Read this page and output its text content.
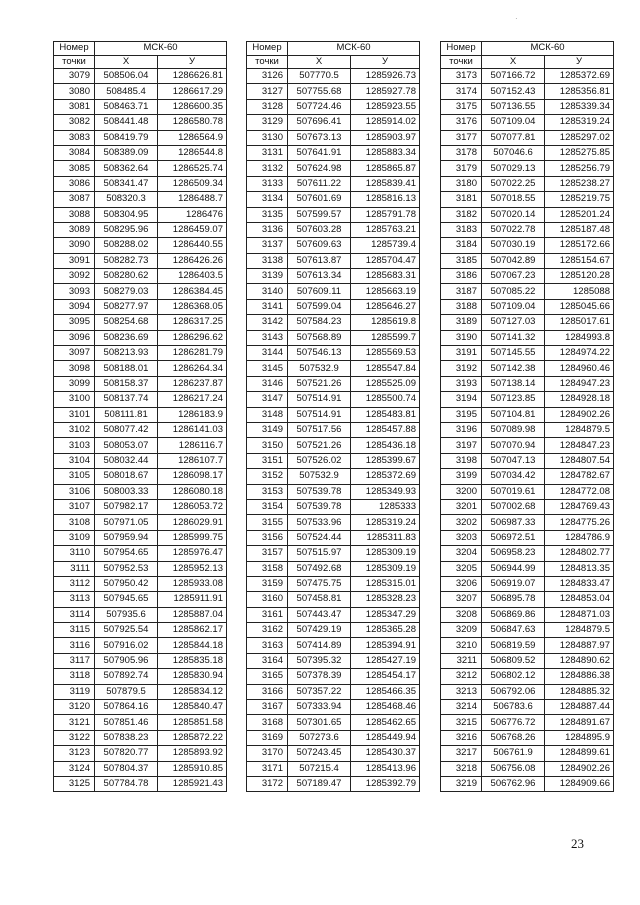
·
Номер	МСК-60	
точки	X	У
3079	508506.04	1286626.81
3080	508485.4	1286617.29
3081	508463.71	1286600.35
3082	508441.48	1286580.78
3083	508419.79	1286564.9
3084	508389.09	1286544.8
3085	508362.64	1286525.74
3086	508341.47	1286509.34
3087	508320.3	1286488.7
3088	508304.95	1286476
3089	508295.96	1286459.07
3090	508288.02	1286440.55
3091	508282.73	1286426.26
3092	508280.62	1286403.5
3093	508279.03	1286384.45
3094	508277.97	1286368.05
3095	508254.68	1286317.25
3096	508236.69	1286296.62
3097	508213.93	1286281.79
3098	508188.01	1286264.34
3099	508158.37	1286237.87
3100	508137.74	1286217.24
3101	508111.81	1286183.9
3102	508077.42	1286141.03
3103	508053.07	1286116.7
3104	508032.44	1286107.7
3105	508018.67	1286098.17
3106	508003.33	1286080.18
3107	507982.17	1286053.72
3108	507971.05	1286029.91
3109	507959.94	1285999.75
3110	507954.65	1285976.47
3111	507952.53	1285952.13
3112	507950.42	1285933.08
3113	507945.65	1285911.91
3114	507935.6	1285887.04
3115	507925.54	1285862.17
3116	507916.02	1285844.18
3117	507905.96	1285835.18
3118	507892.74	1285830.94
3119	507879.5	1285834.12
3120	507864.16	1285840.47
3121	507851.46	1285851.58
3122	507838.23	1285872.22
3123	507820.77	1285893.92
3124	507804.37	1285910.85
3125	507784.78	1285921.43
Номер	МСК-60	
точки	X	У
3126	507770.5	1285926.73
3127	507755.68	1285927.78
3128	507724.46	1285923.55
3129	507696.41	1285914.02
3130	507673.13	1285903.97
3131	507641.91	1285883.34
3132	507624.98	1285865.87
3133	507611.22	1285839.41
3134	507601.69	1285816.13
3135	507599.57	1285791.78
3136	507603.28	1285763.21
3137	507609.63	1285739.4
3138	507613.87	1285704.47
3139	507613.34	1285683.31
3140	507609.11	1285663.19
3141	507599.04	1285646.27
3142	507584.23	1285619.8
3143	507568.89	1285599.7
3144	507546.13	1285569.53
3145	507532.9	1285547.84
3146	507521.26	1285525.09
3147	507514.91	1285500.74
3148	507514.91	1285483.81
3149	507517.56	1285457.88
3150	507521.26	1285436.18
3151	507526.02	1285399.67
3152	507532.9	1285372.69
3153	507539.78	1285349.93
3154	507539.78	1285333
3155	507533.96	1285319.24
3156	507524.44	1285311.83
3157	507515.97	1285309.19
3158	507492.68	1285309.19
3159	507475.75	1285315.01
3160	507458.81	1285328.23
3161	507443.47	1285347.29
3162	507429.19	1285365.28
3163	507414.89	1285394.91
3164	507395.32	1285427.19
3165	507378.39	1285454.17
3166	507357.22	1285466.35
3167	507333.94	1285468.46
3168	507301.65	1285462.65
3169	507273.6	1285449.94
3170	507243.45	1285430.37
3171	507215.4	1285413.96
3172	507189.47	1285392.79
Номер	МСК-60	
точки	X	У
3173	507166.72	1285372.69
3174	507152.43	1285356.81
3175	507136.55	1285339.34
3176	507109.04	1285319.24
3177	507077.81	1285297.02
3178	507046.6	1285275.85
3179	507029.13	1285256.79
3180	507022.25	1285238.27
3181	507018.55	1285219.75
3182	507020.14	1285201.24
3183	507022.78	1285187.48
3184	507030.19	1285172.66
3185	507042.89	1285154.67
3186	507067.23	1285120.28
3187	507085.22	1285088
3188	507109.04	1285045.66
3189	507127.03	1285017.61
3190	507141.32	1284993.8
3191	507145.55	1284974.22
3192	507142.38	1284960.46
3193	507138.14	1284947.23
3194	507123.85	1284928.18
3195	507104.81	1284902.26
3196	507089.98	1284879.5
3197	507070.94	1284847.23
3198	507047.13	1284807.54
3199	507034.42	1284782.67
3200	507019.61	1284772.08
3201	507002.68	1284769.43
3202	506987.33	1284775.26
3203	506972.51	1284786.9
3204	506958.23	1284802.77
3205	506944.99	1284813.35
3206	506919.07	1284833.47
3207	506895.78	1284853.04
3208	506869.86	1284871.03
3209	506847.63	1284879.5
3210	506819.59	1284887.97
3211	506809.52	1284890.62
3212	506802.12	1284886.38
3213	506792.06	1284885.32
3214	506783.6	1284887.44
3215	506776.72	1284891.67
3216	506768.26	1284895.9
3217	506761.9	1284899.61
3218	506756.08	1284902.26
3219	506762.96	1284909.66
23
